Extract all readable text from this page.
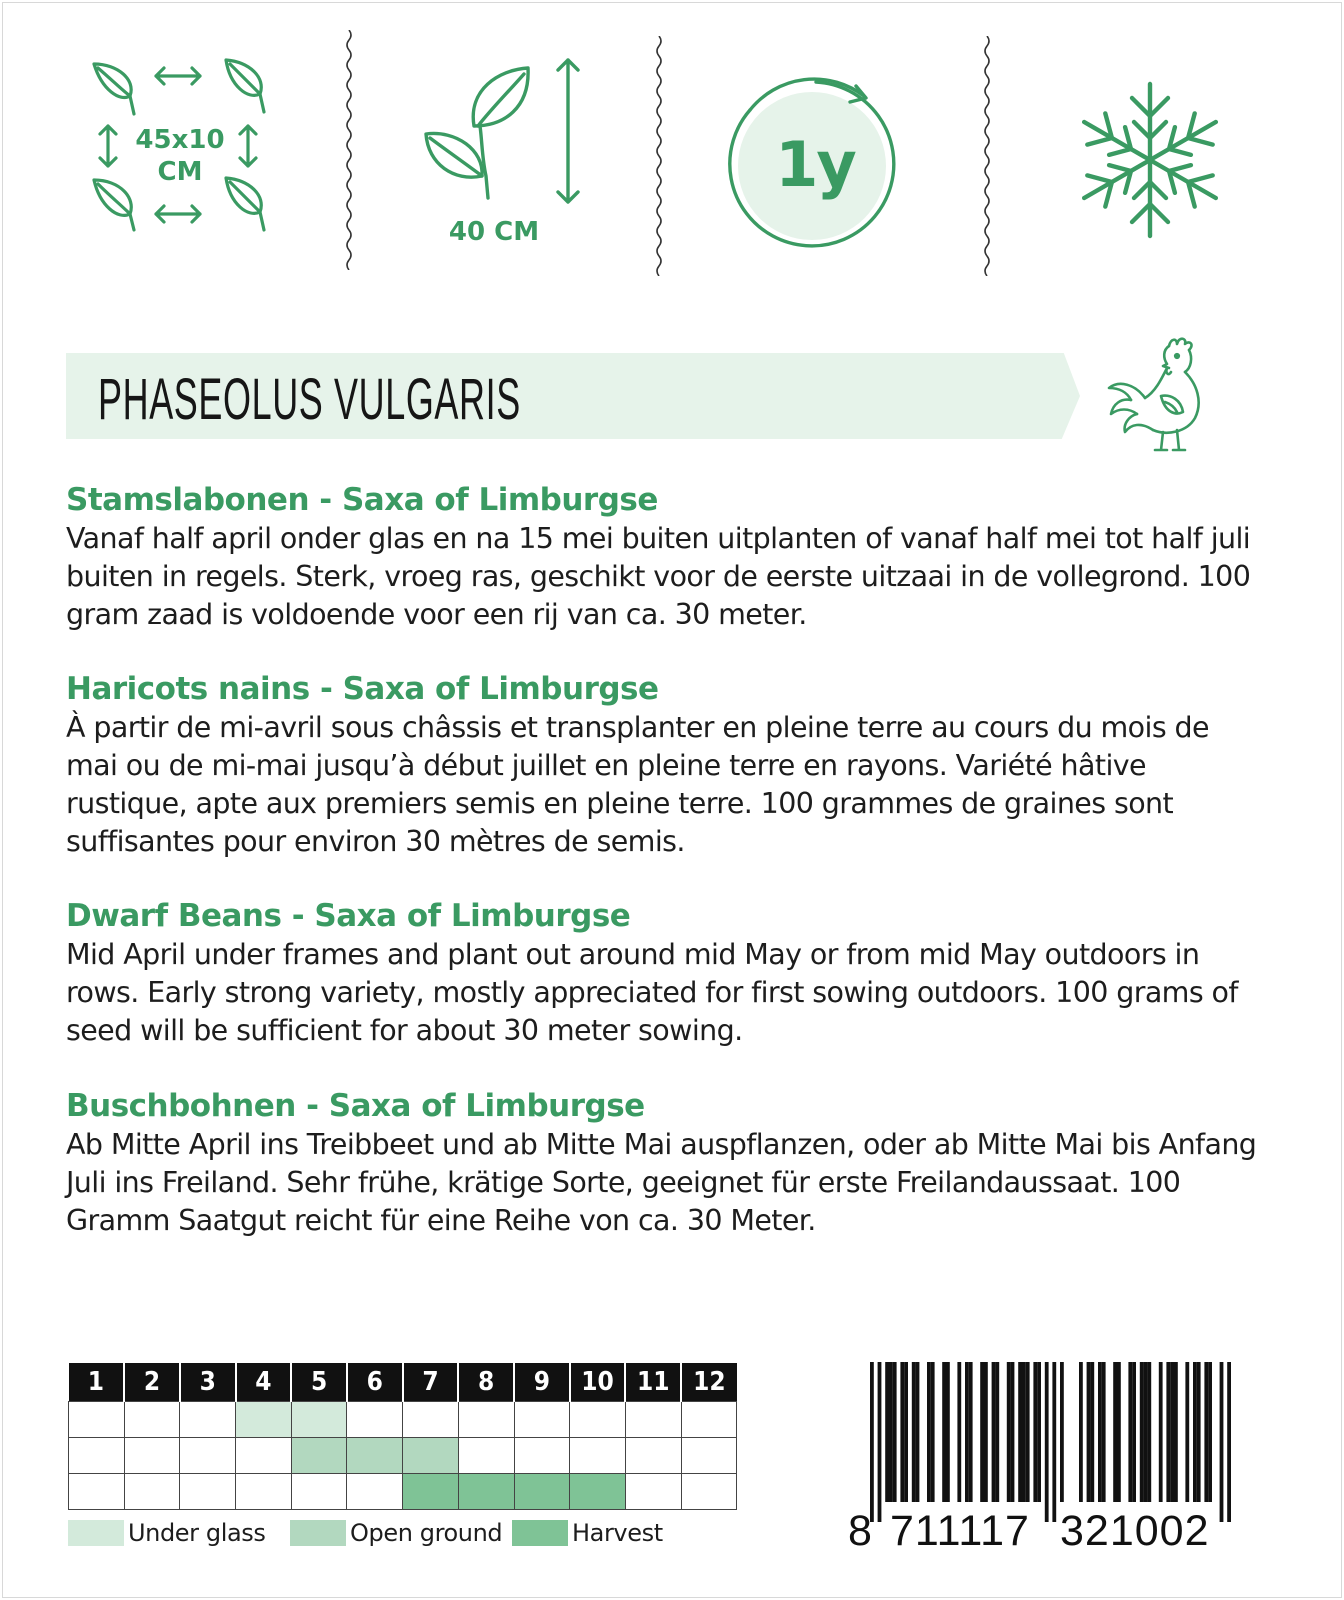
45x10
CM
40 CM
1y
PHASEOLUS VULGARIS
Stamslabonen - Saxa of Limburgse

Vanaf half april onder glas en na 15 mei buiten uitplanten of vanaf half mei tot half juli buiten in regels. Sterk, vroeg ras, geschikt voor de eerste uitzaai in de vollegrond. 100 gram zaad is voldoende voor een rij van ca. 30 meter.

Haricots nains - Saxa of Limburgse

À partir de mi-avril sous châssis et transplanter en pleine terre au cours du mois de mai ou de mi-mai jusqu’à début juillet en pleine terre en rayons. Variété hâtive rustique, apte aux premiers semis en pleine terre. 100 grammes de graines sont suffisantes pour environ 30 mètres de semis.

Dwarf Beans - Saxa of Limburgse

Mid April under frames and plant out around mid May or from mid May outdoors in rows. Early strong variety, mostly appreciated for first sowing outdoors. 100 grams of seed will be sufficient for about 30 meter sowing.

Buschbohnen - Saxa of Limburgse

Ab Mitte April ins Treibbeet und ab Mitte Mai auspflanzen, oder ab Mitte Mai bis Anfang Juli ins Freiland. Sehr frühe, krätige Sorte, geeignet für erste Freilandaussaat. 100 Gramm Saatgut reicht für eine Reihe von ca. 30 Meter.

1	2	3	4	5	6	7	8	9	10	11	12

Under glass	Open ground	Harvest	8 711117 321002
